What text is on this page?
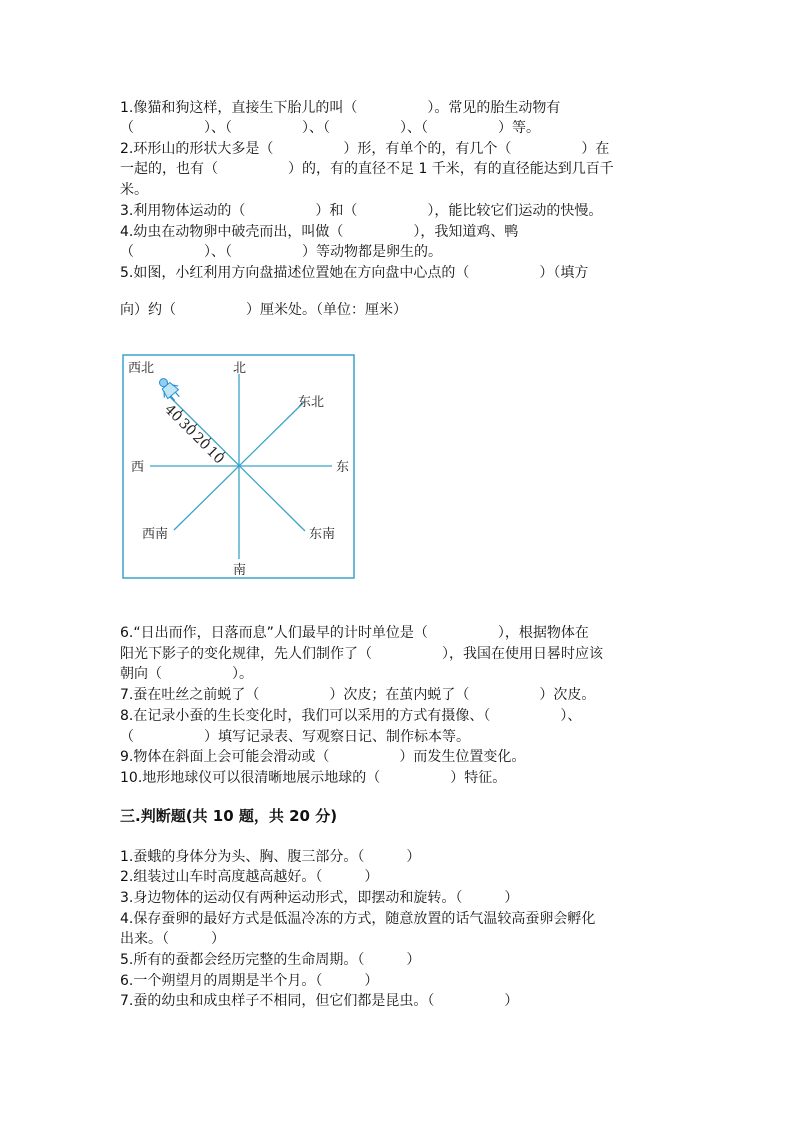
1.像猫和狗这样，直接生下胎儿的叫（　　　　　）。常见的胎生动物有
（　　　　　）、（　　　　　）、（　　　　　）、（　　　　　）等。
2.环形山的形状大多是（　　　　　）形，有单个的，有几个（　　　　　）在
一起的，也有（　　　　　）的，有的直径不足 1 千米，有的直径能达到几百千
米。
3.利用物体运动的（　　　　　）和（　　　　　），能比较它们运动的快慢。
4.幼虫在动物卵中破壳而出，叫做（　　　　　），我知道鸡、鸭
（　　　　　）、（　　　　　）等动物都是卵生的。
5.如图，小红利用方向盘描述位置她在方向盘中心点的（　　　　　）（填方
向）约（　　　　　）厘米处。（单位：厘米）
40
30
20
10
西北	北
东北
西	东
西南	东南
南
6.“日出而作，日落而息”人们最早的计时单位是（　　　　　），根据物体在
阳光下影子的变化规律，先人们制作了（　　　　　），我国在使用日晷时应该
朝向（　　　　　）。
7.蚕在吐丝之前蜕了（　　　　　）次皮；在茧内蜕了（　　　　　）次皮。
8.在记录小蚕的生长变化时，我们可以采用的方式有摄像、（　　　　　）、
（　　　　　）填写记录表、写观察日记、制作标本等。
9.物体在斜面上会可能会滑动或（　　　　　）而发生位置变化。
10.地形地球仪可以很清晰地展示地球的（　　　　　）特征。
三.判断题(共 10 题，共 20 分)
1.蚕蛾的身体分为头、胸、腹三部分。（　　　）
2.组装过山车时高度越高越好。（　　　）
3.身边物体的运动仅有两种运动形式，即摆动和旋转。（　　　）
4.保存蚕卵的最好方式是低温冷冻的方式，随意放置的话气温较高蚕卵会孵化
出来。（　　　）
5.所有的蚕都会经历完整的生命周期。（　　　）
6.一个朔望月的周期是半个月。（　　　）
7.蚕的幼虫和成虫样子不相同，但它们都是昆虫。（　　　　　）
